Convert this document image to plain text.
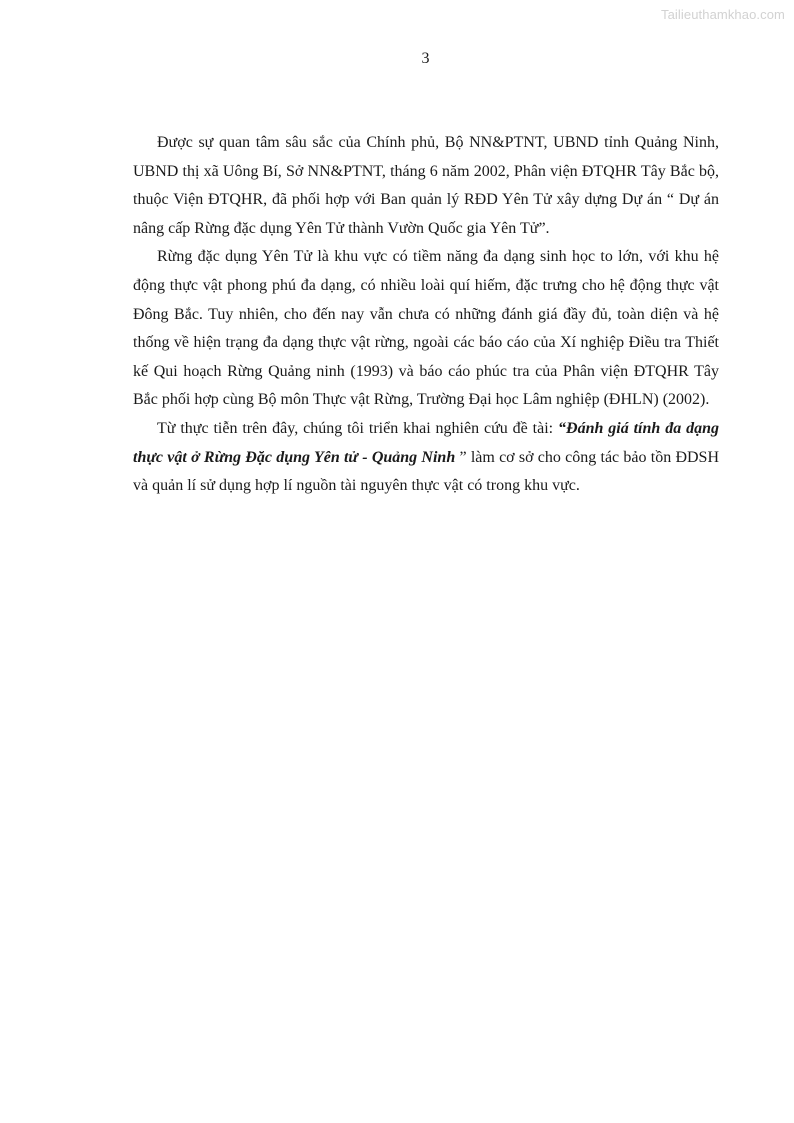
Tailieuthamkhao.com
3

Được sự quan tâm sâu sắc của Chính phủ, Bộ NN&PTNT, UBND tỉnh Quảng Ninh, UBND thị xã Uông Bí, Sở NN&PTNT, tháng 6 năm 2002, Phân viện ĐTQHR Tây Bắc bộ, thuộc Viện ĐTQHR, đã phối hợp với Ban quản lý RĐD Yên Tử xây dựng Dự án “ Dự án nâng cấp Rừng đặc dụng Yên Tử thành Vườn Quốc gia Yên Tử”.

Rừng đặc dụng Yên Tử là khu vực có tiềm năng đa dạng sinh học to lớn, với khu hệ động thực vật phong phú đa dạng, có nhiều loài quí hiếm, đặc trưng cho hệ động thực vật Đông Bắc. Tuy nhiên, cho đến nay vẫn chưa có những đánh giá đầy đủ, toàn diện và hệ thống về hiện trạng đa dạng thực vật rừng, ngoài các báo cáo của Xí nghiệp Điều tra Thiết kế Qui hoạch Rừng Quảng ninh (1993) và báo cáo phúc tra của Phân viện ĐTQHR Tây Bắc phối hợp cùng Bộ môn Thực vật Rừng, Trường Đại học Lâm nghiệp (ĐHLN) (2002).

Từ thực tiễn trên đây, chúng tôi triển khai nghiên cứu đề tài: “Đánh giá tính đa dạng thực vật ở Rừng Đặc dụng Yên tử - Quảng Ninh ” làm cơ sở cho công tác bảo tồn ĐDSH và quản lí sử dụng hợp lí nguồn tài nguyên thực vật có trong khu vực.
